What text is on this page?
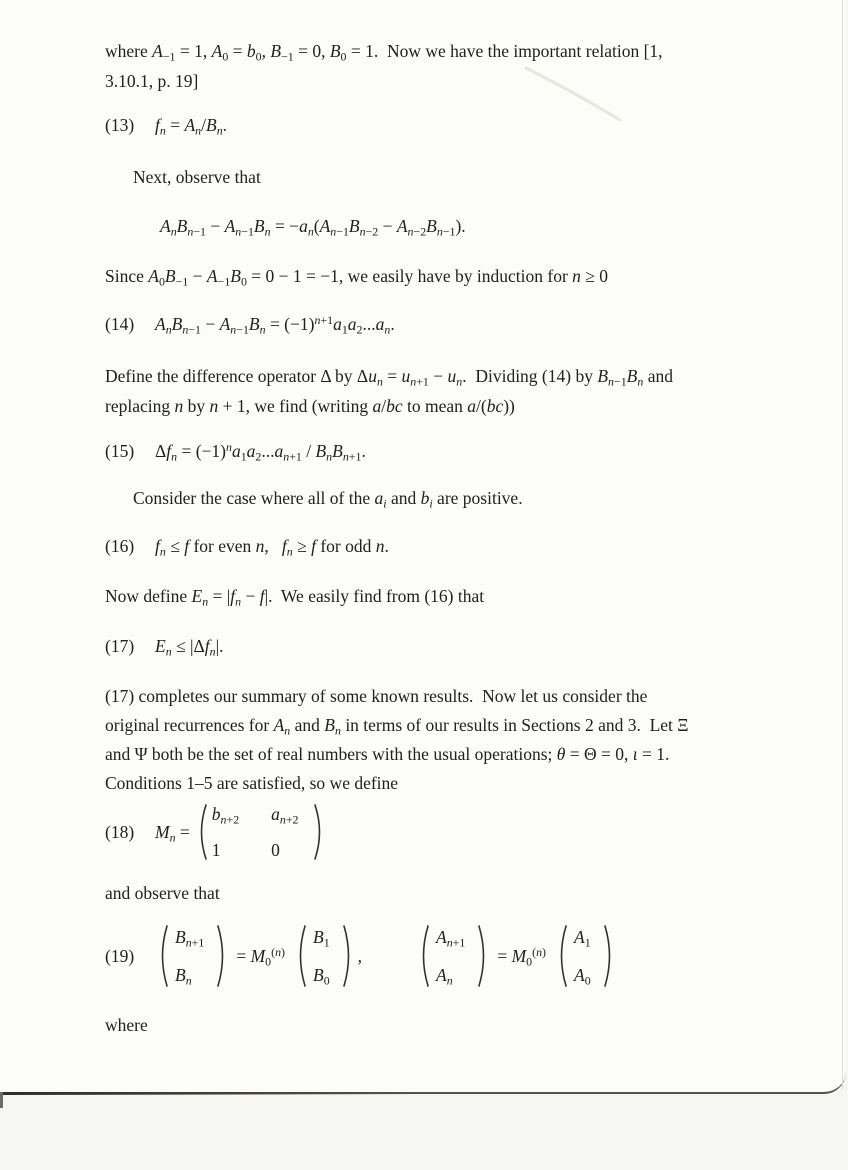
where $A_{-1} = 1$, $A_0 = b_0$, $B_{-1} = 0$, $B_0 = 1$.  Now we have the important relation [1,
3.10.1, p. 19]
(13)	$f_n = A_n/B_n$.
Next, observe that
$A_nB_{n-1} - A_{n-1}B_n = -a_n(A_{n-1}B_{n-2} - A_{n-2}B_{n-1})$.
Since $A_0B_{-1} - A_{-1}B_0 = 0 - 1 = -1$, we easily have by induction for n ≥ 0
(14)	$A_nB_{n-1} - A_{n-1}B_n = (-1)^{n+1}a_1a_2...a_n$.
Define the difference operator Δ by $\Delta u_n = u_{n+1} - u_n$.  Dividing (14) by $B_{n-1}B_n$ and
replacing n by n + 1, we find (writing a/bc to mean a/(bc))
(15)	$\Delta f_n = (-1)^na_1a_2...a_{n+1} / B_nB_{n+1}$.
Consider the case where all of the $a_i$ and $b_i$ are positive.
(16)	$f_n \le f$ for even n,   $f_n \ge f$ for odd n.
Now define $E_n = |f_n - f|$.  We easily find from (16) that
(17)	$E_n \le |\Delta f_n|$.
(17) completes our summary of some known results.  Now let us consider the
original recurrences for $A_n$ and $B_n$ in terms of our results in Sections 2 and 3.  Let Ξ
and Ψ both be the set of real numbers with the usual operations; θ = Θ = 0, ι = 1.
Conditions 1–5 are satisfied, so we define
(18)	$M_n$ =
$b_{n+2}$ $a_{n+2}$
1	0
and observe that
(19)
$B_{n+1}$
$B_n$
= $M_0^{(n)}$
$B_1$
$B_0$
,
$A_{n+1}$
$A_n$
= $M_0^{(n)}$
$A_1$
$A_0$
where
